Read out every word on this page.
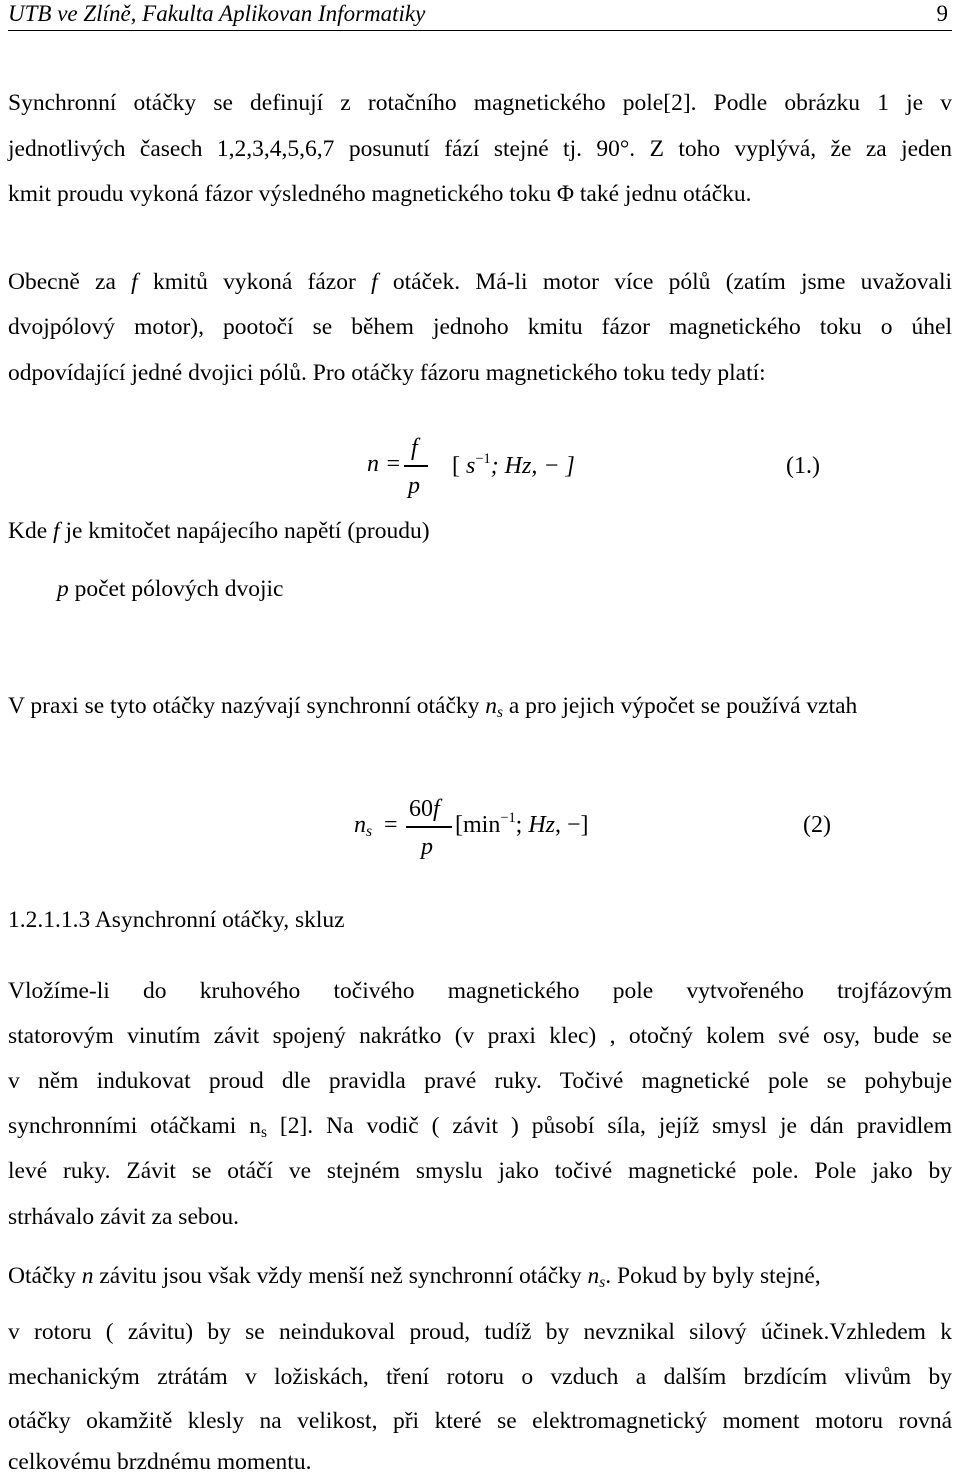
UTB ve Zlíně, Fakulta Aplikovan Informatiky	9
Synchronní otáčky se definují z rotačního magnetického pole[2]. Podle obrázku 1 je v
jednotlivých časech 1,2,3,4,5,6,7 posunutí fází stejné tj. 90°. Z toho vyplývá, že za jeden
kmit proudu vykoná fázor výsledného magnetického toku Φ také jednu otáčku.
Obecně za f kmitů vykoná fázor f otáček. Má-li motor více pólů (zatím jsme uvažovali
dvojpólový motor), pootočí se během jednoho kmitu fázor magnetického toku o úhel
odpovídající jedné dvojici pólů. Pro otáčky fázoru magnetického toku tedy platí:
n =
f
p
[ $s^{-1}$; Hz, − ]	(1.)
Kde f je kmitočet napájecího napětí (proudu)
p počet pólových dvojic
V praxi se tyto otáčky nazývají synchronní otáčky $n_s$ a pro jejich výpočet se používá vztah
$n_s$ =
60f
p
[$\min^{-1}$; Hz, −]	(2)
1.2.1.1.3 Asynchronní otáčky, skluz
Vložíme-li do kruhového točivého magnetického pole vytvořeného trojfázovým
statorovým vinutím závit spojený nakrátko (v praxi klec) , otočný kolem své osy, bude se
v něm indukovat proud dle pravidla pravé ruky. Točivé magnetické pole se pohybuje
synchronními otáčkami $n_s$ [2]. Na vodič ( závit ) působí síla, jejíž smysl je dán pravidlem
levé ruky. Závit se otáčí ve stejném smyslu jako točivé magnetické pole. Pole jako by
strhávalo závit za sebou.
Otáčky n závitu jsou však vždy menší než synchronní otáčky $n_s$. Pokud by byly stejné,
v rotoru ( závitu) by se neindukoval proud, tudíž by nevznikal silový účinek.Vzhledem k
mechanickým ztrátám v ložiskách, tření rotoru o vzduch a dalším brzdícím vlivům by
otáčky okamžitě klesly na velikost, při které se elektromagnetický moment motoru rovná
celkovému brzdnému momentu.
